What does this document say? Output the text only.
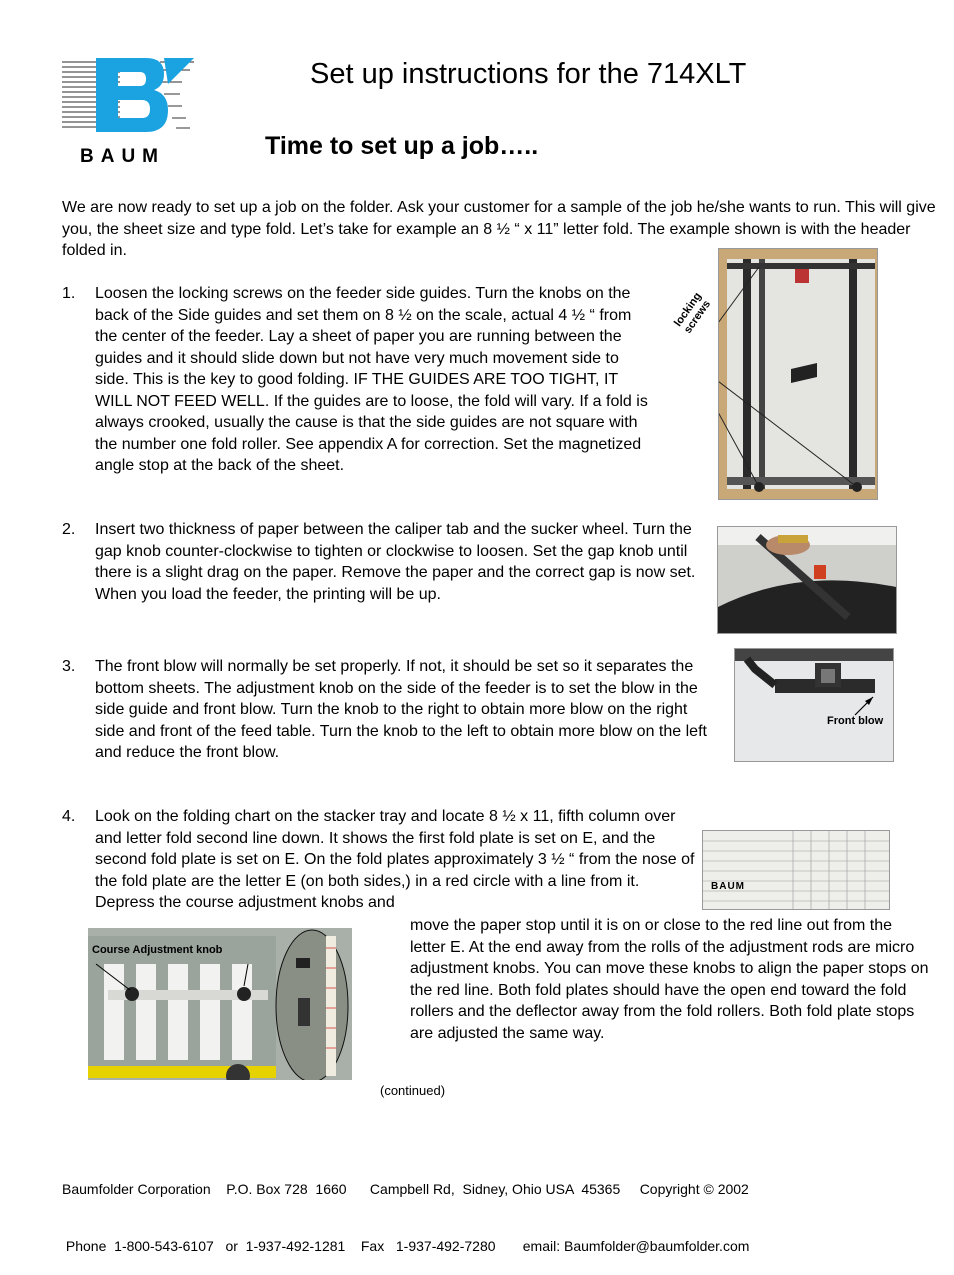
BAUM
Set up instructions for the 714XLT
Time to set up a job…..
We are now ready to set up a job on the folder. Ask your customer for a sample of the job he/she wants to run. This will give you, the sheet size and type fold. Let’s take for example an 8 ½ “ x 11” letter fold. The example shown is with the header folded in.
1.	Loosen the locking screws on the feeder side guides. Turn the knobs on the back of the Side guides and set them on 8 ½ on the scale, actual 4 ½ “ from the center of the feeder. Lay a sheet of paper you are running between the guides and it should slide down but not have very much movement side to side. This is the key to good folding. IF THE GUIDES ARE TOO TIGHT, IT WILL NOT FEED WELL. If the guides are to loose, the fold will vary. If a fold is always crooked, usually the cause is that the side guides are not square with the number one fold roller. See appendix A for correction. Set the magnetized angle stop at the back of the sheet.
locking screws
2.	Insert two thickness of paper between the caliper tab and the sucker wheel. Turn the gap knob counter-clockwise to tighten or clockwise to loosen. Set the gap knob until there is a slight drag on the paper. Remove the paper and the correct gap is now set. When you load the feeder, the printing will be up.
3.	The front blow will normally be set properly. If not, it should be set so it separates the bottom sheets. The adjustment knob on the side of the feeder is to set the blow in the side guide and front blow. Turn the knob to the right to obtain more blow on the right side and front of the feed table. Turn the knob to the left to obtain more blow on the left and reduce the front blow.
Front blow
4.	Look on the folding chart on the stacker tray and locate 8 ½ x 11, fifth column over and letter fold second line down. It shows the first fold plate is set on E, and the second fold plate is set on E. On the fold plates approximately 3 ½ “ from the nose of the fold plate are the letter E (on both sides,) in a red circle with a line from it. Depress the course adjustment knobs and
BAUM
Course Adjustment knob
move the paper stop until it is on or close to the red line out from the letter E. At the end away from the rolls of the adjustment rods are micro adjustment knobs. You can move these knobs to align the paper stops on the red line. Both fold plates should have the open end toward the fold rollers and the deflector away from the fold rollers. Both fold plate stops are adjusted the same way.
(continued)

Baumfolder Corporation    P.O. Box 728  1660      Campbell Rd,  Sidney, Ohio USA  45365     Copyright © 2002

Phone  1-800-543-6107   or  1-937-492-1281    Fax   1-937-492-7280       email: Baumfolder@baumfolder.com
